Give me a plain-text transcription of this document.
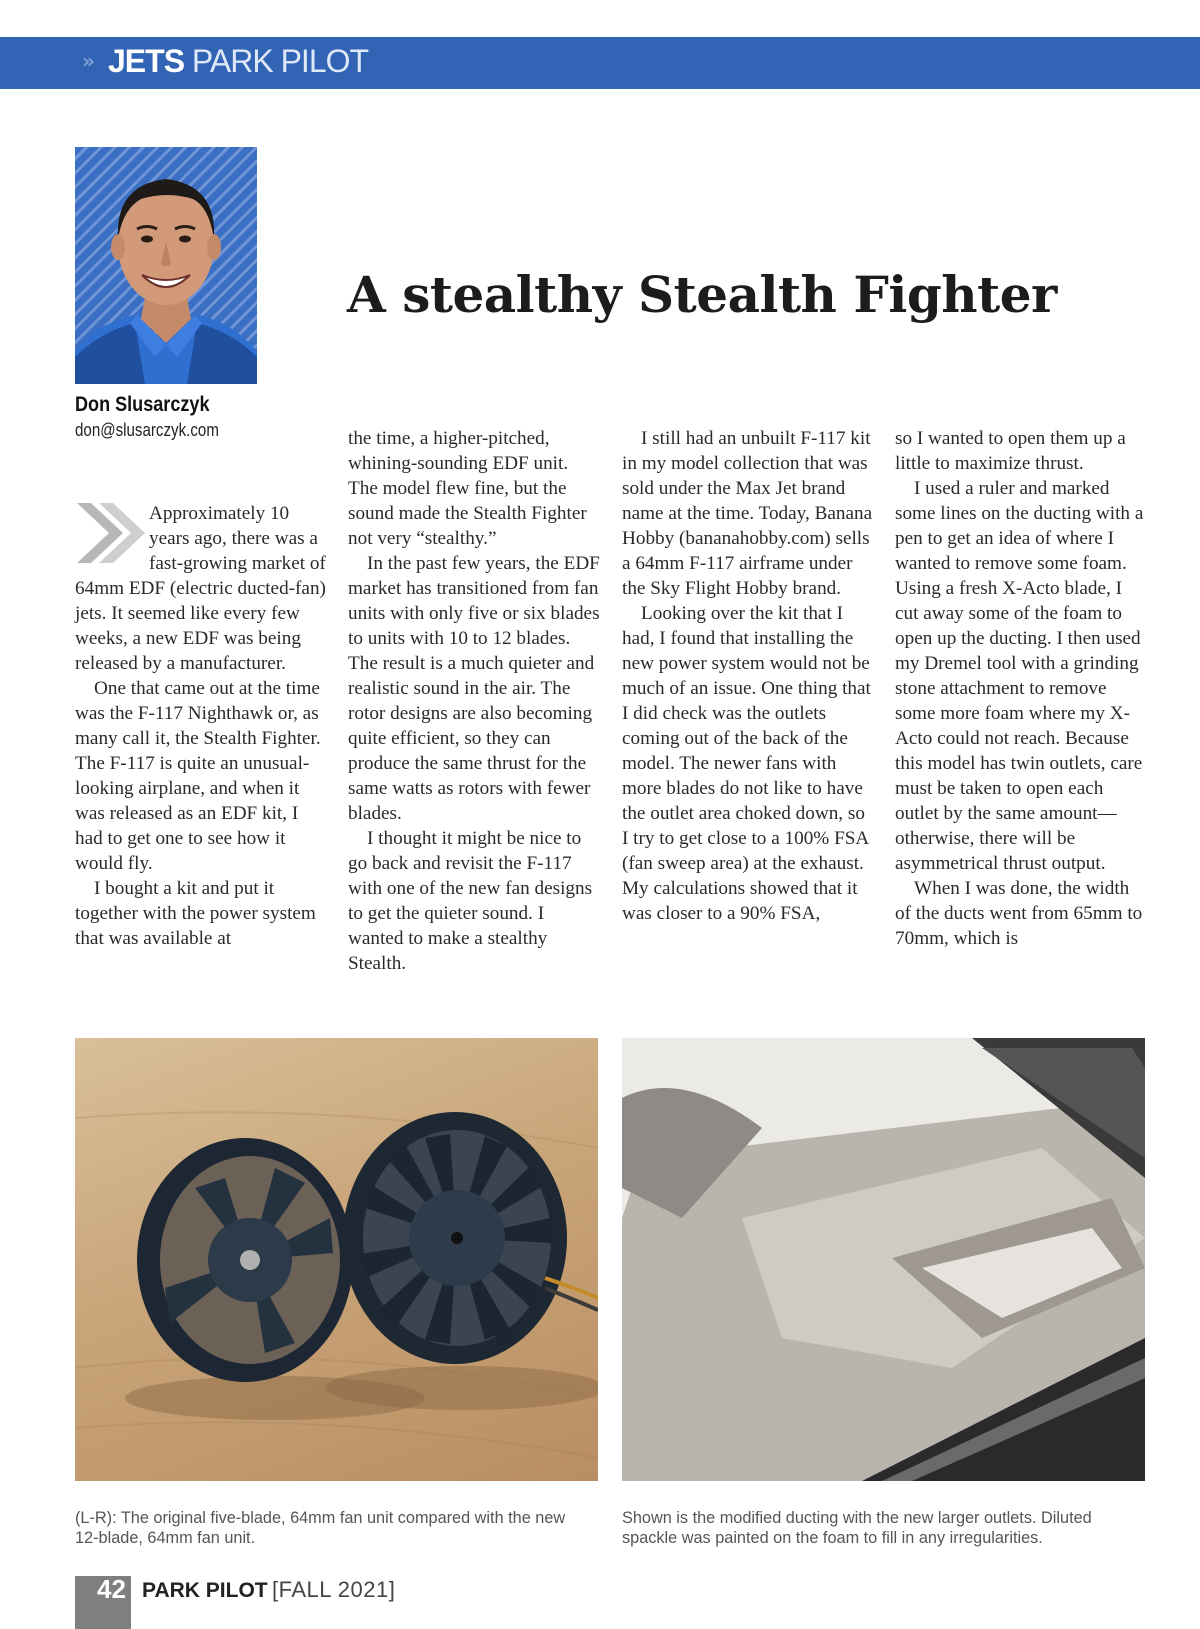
» JETS PARK PILOT
Don Slusarczyk
don@slusarczyk.com
A stealthy Stealth Fighter

Approximately 10 years ago, there was a fast-growing market of 64mm EDF (electric ducted-fan) jets. It seemed like every few weeks, a new EDF was being released by a manufacturer.

One that came out at the time was the F-117 Nighthawk or, as many call it, the Stealth Fighter. The F-117 is quite an unusual-looking airplane, and when it was released as an EDF kit, I had to get one to see how it would fly.

I bought a kit and put it together with the power system that was available at

the time, a higher-pitched, whining-sounding EDF unit. The model flew fine, but the sound made the Stealth Fighter not very “stealthy.”

In the past few years, the EDF market has transitioned from fan units with only five or six blades to units with 10 to 12 blades. The result is a much quieter and realistic sound in the air. The rotor designs are also becoming quite efficient, so they can produce the same thrust for the same watts as rotors with fewer blades.

I thought it might be nice to go back and revisit the F-117 with one of the new fan designs to get the quieter sound. I wanted to make a stealthy Stealth.

I still had an unbuilt F-117 kit in my model collection that was sold under the Max Jet brand name at the time. Today, Banana Hobby (bananahobby.com) sells a 64mm F-117 airframe under the Sky Flight Hobby brand.

Looking over the kit that I had, I found that installing the new power system would not be much of an issue. One thing that I did check was the outlets coming out of the back of the model. The newer fans with more blades do not like to have the outlet area choked down, so I try to get close to a 100% FSA (fan sweep area) at the exhaust. My calculations showed that it was closer to a 90% FSA,

so I wanted to open them up a little to maximize thrust.

I used a ruler and marked some lines on the ducting with a pen to get an idea of where I wanted to remove some foam. Using a fresh X-Acto blade, I cut away some of the foam to open up the ducting. I then used my Dremel tool with a grinding stone attachment to remove some more foam where my X-Acto could not reach. Because this model has twin outlets, care must be taken to open each outlet by the same amount—otherwise, there will be asymmetrical thrust output.

When I was done, the width of the ducts went from 65mm to 70mm, which is

(L-R): The original five-blade, 64mm fan unit compared with the new 12-blade, 64mm fan unit.
Shown is the modified ducting with the new larger outlets. Diluted spackle was painted on the foam to fill in any irregularities.
42 PARK PILOT [FALL 2021]
